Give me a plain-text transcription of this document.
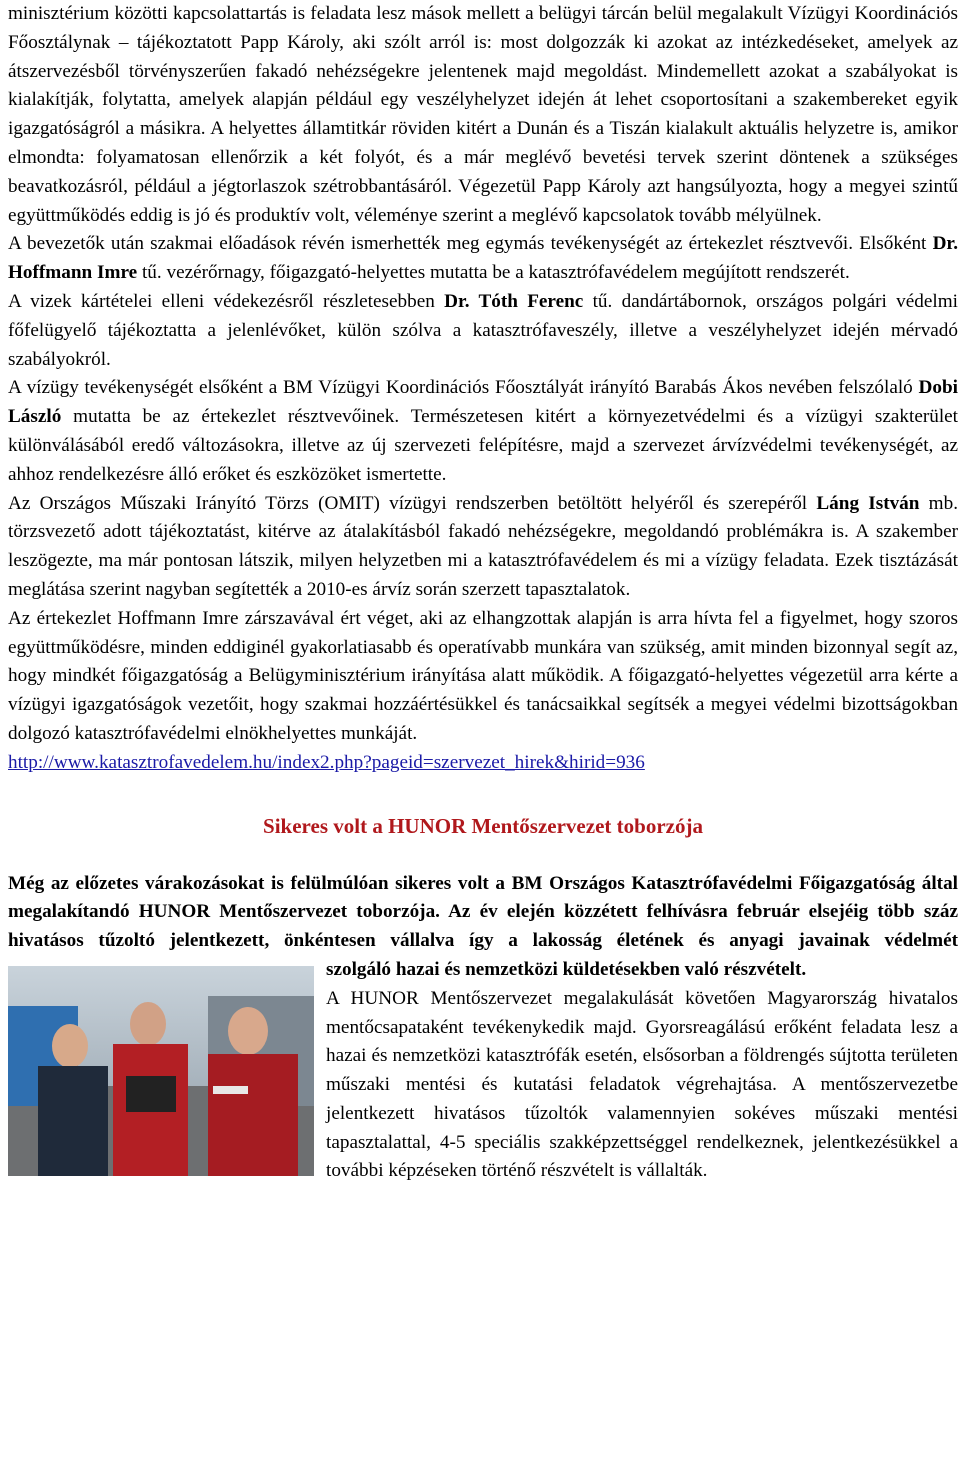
minisztérium közötti kapcsolattartás is feladata lesz mások mellett a belügyi tárcán belül megalakult Vízügyi Koordinációs Főosztálynak – tájékoztatott Papp Károly, aki szólt arról is: most dolgozzák ki azokat az intézkedéseket, amelyek az átszervezésből törvényszerűen fakadó nehézségekre jelentenek majd megoldást. Mindemellett azokat a szabályokat is kialakítják, folytatta, amelyek alapján például egy veszélyhelyzet idején át lehet csoportosítani a szakembereket egyik igazgatóságról a másikra. A helyettes államtitkár röviden kitért a Dunán és a Tiszán kialakult aktuális helyzetre is, amikor elmondta: folyamatosan ellenőrzik a két folyót, és a már meglévő bevetési tervek szerint döntenek a szükséges beavatkozásról, például a jégtorlaszok szétrobbantásáról. Végezetül Papp Károly azt hangsúlyozta, hogy a megyei szintű együttműködés eddig is jó és produktív volt, véleménye szerint a meglévő kapcsolatok tovább mélyülnek.

A bevezetők után szakmai előadások révén ismerhették meg egymás tevékenységét az értekezlet résztvevői. Elsőként Dr. Hoffmann Imre tű. vezérőrnagy, főigazgató-helyettes mutatta be a katasztrófavédelem megújított rendszerét.

A vizek kártételei elleni védekezésről részletesebben Dr. Tóth Ferenc tű. dandártábornok, országos polgári védelmi főfelügyelő tájékoztatta a jelenlévőket, külön szólva a katasztrófaveszély, illetve a veszélyhelyzet idején mérvadó szabályokról.

A vízügy tevékenységét elsőként a BM Vízügyi Koordinációs Főosztályát irányító Barabás Ákos nevében felszólaló Dobi László mutatta be az értekezlet résztvevőinek. Természetesen kitért a környezetvédelmi és a vízügyi szakterület különválásából eredő változásokra, illetve az új szervezeti felépítésre, majd a szervezet árvízvédelmi tevékenységét, az ahhoz rendelkezésre álló erőket és eszközöket ismertette.

Az Országos Műszaki Irányító Törzs (OMIT) vízügyi rendszerben betöltött helyéről és szerepéről Láng István mb. törzsvezető adott tájékoztatást, kitérve az átalakításból fakadó nehézségekre, megoldandó problémákra is. A szakember leszögezte, ma már pontosan látszik, milyen helyzetben mi a katasztrófavédelem és mi a vízügy feladata. Ezek tisztázását meglátása szerint nagyban segítették a 2010-es árvíz során szerzett tapasztalatok.

Az értekezlet Hoffmann Imre zárszavával ért véget, aki az elhangzottak alapján is arra hívta fel a figyelmet, hogy szoros együttműködésre, minden eddiginél gyakorlatiasabb és operatívabb munkára van szükség, amit minden bizonnyal segít az, hogy mindkét főigazgatóság a Belügyminisztérium irányítása alatt működik. A főigazgató-helyettes végezetül arra kérte a vízügyi igazgatóságok vezetőit, hogy szakmai hozzáértésükkel és tanácsaikkal segítsék a megyei védelmi bizottságokban dolgozó katasztrófavédelmi elnökhelyettes munkáját.

http://www.katasztrofavedelem.hu/index2.php?pageid=szervezet_hirek&hirid=936

Sikeres volt a HUNOR Mentőszervezet toborzója

Még az előzetes várakozásokat is felülmúlóan sikeres volt a BM Országos Katasztrófavédelmi Főigazgatóság által megalakítandó HUNOR Mentőszervezet toborzója. Az év elején közzétett felhívásra február elsejéig több száz hivatásos tűzoltó jelentkezett, önkéntesen vállalva így a lakosság életének és anyagi javainak védelmét

szolgáló hazai és nemzetközi küldetésekben való részvételt.

A HUNOR Mentőszervezet megalakulását követően Magyarország hivatalos mentőcsapataként tevékenykedik majd. Gyorsreagálású erőként feladata lesz a hazai és nemzetközi katasztrófák esetén, elsősorban a földrengés sújtotta területen műszaki mentési és kutatási feladatok végrehajtása. A mentőszervezetbe jelentkezett hivatásos tűzoltók valamennyien sokéves műszaki mentési tapasztalattal, 4-5 speciális szakképzettséggel rendelkeznek, jelentkezésükkel a további képzéseken történő részvételt is vállalták.
